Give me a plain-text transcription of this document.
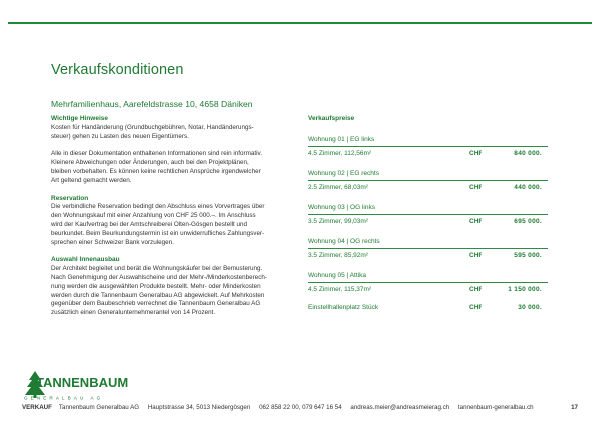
Verkaufskonditionen
Mehrfamilienhaus, Aarefeldstrasse 10, 4658 Däniken
Wichtige Hinweise

Kosten für Handänderung (Grundbuchgebühren, Notar, Handänderungs-

steuer) gehen zu Lasten des neuen Eigentümers.

Alle in dieser Dokumentation enthaltenen Informationen sind rein informativ.

Kleinere Abweichungen oder Änderungen, auch bei den Projektplänen,

bleiben vorbehalten. Es können keine rechtlichen Ansprüche irgendwelcher

Art geltend gemacht werden.

Reservation

Die verbindliche Reservation bedingt den Abschluss eines Vorvertrages über

den Wohnungskauf mit einer Anzahlung von CHF 25 000.–. Im Anschluss

wird der Kaufvertrag bei der Amtschreiberei Olten-Gösgen bestellt und

beurkundet. Beim Beurkundungstermin ist ein unwiderrufliches Zahlungsver-

sprechen einer Schweizer Bank vorzulegen.

Auswahl Innenausbau

Der Architekt begleitet und berät die Wohnungskäufer bei der Bemusterung.

Nach Genehmigung der Auswahlscheine und der Mehr-/Minderkostenberech-

nung werden die ausgewählten Produkte bestellt. Mehr- oder Minderkosten

werden durch die Tannenbaum Generalbau AG abgewickelt. Auf Mehrkosten

gegenüber dem Baubeschrieb verrechnet die Tannenbaum Generalbau AG

zusätzlich einen Generalunternehmerantel von 14 Prozent.

Verkaufspreise
Wohnung 01 | EG links
4.5 Zimmer, 112,56m²	CHF	840 000.
Wohnung 02 | EG rechts
2.5 Zimmer, 68,03m²	CHF	440 000.
Wohnung 03 | OG links
3.5 Zimmer, 99,03m²	CHF	695 000.
Wohnung 04 | OG rechts
3.5 Zimmer, 85,92m²	CHF	595 000.
Wohnung 05 | Attika
4.5 Zimmer, 115,37m²	CHF	1 150 000.
Einstellhallenplatz Stück	CHF	30 000.
TANNENBAUM
GENERALBAU AG
VERKAUF Tannenbaum Generalbau AG Hauptstrasse 34, 5013 Niedergösgen 062 858 22 00, 079 647 16 54 andreas.meier@andreasmeierag.ch tannenbaum-generalbau.ch	17
